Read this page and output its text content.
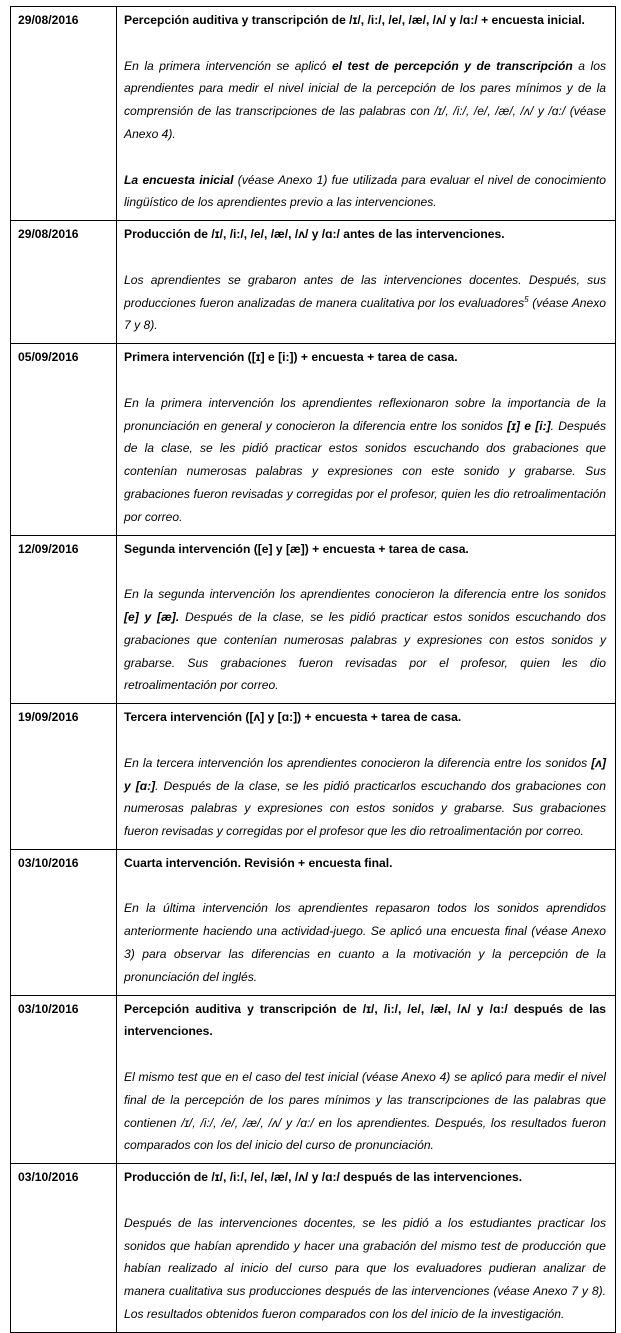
29/08/2016	Percepción auditiva y transcripción de /ɪ/, /i:/, /e/, /æ/, /ʌ/ y /ɑ:/ + encuesta inicial.

En la primera intervención se aplicó el test de percepción y de transcripción a los aprendientes para medir el nivel inicial de la percepción de los pares mínimos y de la comprensión de las transcripciones de las palabras con /ɪ/, /i:/, /e/, /æ/, /ʌ/ y /ɑ:/ (véase Anexo 4).

La encuesta inicial (véase Anexo 1) fue utilizada para evaluar el nivel de conocimiento lingüístico de los aprendientes previo a las intervenciones.

29/08/2016	Producción de /ɪ/, /i:/, /e/, /æ/, /ʌ/ y /ɑ:/ antes de las intervenciones.

Los aprendientes se grabaron antes de las intervenciones docentes. Después, sus producciones fueron analizadas de manera cualitativa por los evaluadores$^5$ (véase Anexo 7 y 8).

05/09/2016	Primera intervención ([ɪ] e [i:]) + encuesta + tarea de casa.

En la primera intervención los aprendientes reflexionaron sobre la importancia de la pronunciación en general y conocieron la diferencia entre los sonidos [ɪ] e [i:]. Después de la clase, se les pidió practicar estos sonidos escuchando dos grabaciones que contenían numerosas palabras y expresiones con este sonido y grabarse. Sus grabaciones fueron revisadas y corregidas por el profesor, quien les dio retroalimentación por correo.

12/09/2016	Segunda intervención ([e] y [æ]) + encuesta + tarea de casa.

En la segunda intervención los aprendientes conocieron la diferencia entre los sonidos [e] y [æ]. Después de la clase, se les pidió practicar estos sonidos escuchando dos grabaciones que contenían numerosas palabras y expresiones con estos sonidos y grabarse. Sus grabaciones fueron revisadas por el profesor, quien les dio retroalimentación por correo.

19/09/2016	Tercera intervención ([ʌ] y [ɑ:]) + encuesta + tarea de casa.

En la tercera intervención los aprendientes conocieron la diferencia entre los sonidos [ʌ] y [ɑ:]. Después de la clase, se les pidió practicarlos escuchando dos grabaciones con numerosas palabras y expresiones con estos sonidos y grabarse. Sus grabaciones fueron revisadas y corregidas por el profesor que les dio retroalimentación por correo.

03/10/2016	Cuarta intervención. Revisión + encuesta final.

En la última intervención los aprendientes repasaron todos los sonidos aprendidos anteriormente haciendo una actividad-juego. Se aplicó una encuesta final (véase Anexo 3) para observar las diferencias en cuanto a la motivación y la percepción de la pronunciación del inglés.

03/10/2016	Percepción auditiva y transcripción de /ɪ/, /i:/, /e/, /æ/, /ʌ/ y /ɑ:/ después de las intervenciones.

El mismo test que en el caso del test inicial (véase Anexo 4) se aplicó para medir el nivel final de la percepción de los pares mínimos y las transcripciones de las palabras que contienen /ɪ/, /i:/, /e/, /æ/, /ʌ/ y /ɑ:/ en los aprendientes. Después, los resultados fueron comparados con los del inicio del curso de pronunciación.

03/10/2016	Producción de /ɪ/, /i:/, /e/, /æ/, /ʌ/ y /ɑ:/ después de las intervenciones.

Después de las intervenciones docentes, se les pidió a los estudiantes practicar los sonidos que habían aprendido y hacer una grabación del mismo test de producción que habían realizado al inicio del curso para que los evaluadores pudieran analizar de manera cualitativa sus producciones después de las intervenciones (véase Anexo 7 y 8). Los resultados obtenidos fueron comparados con los del inicio de la investigación.
